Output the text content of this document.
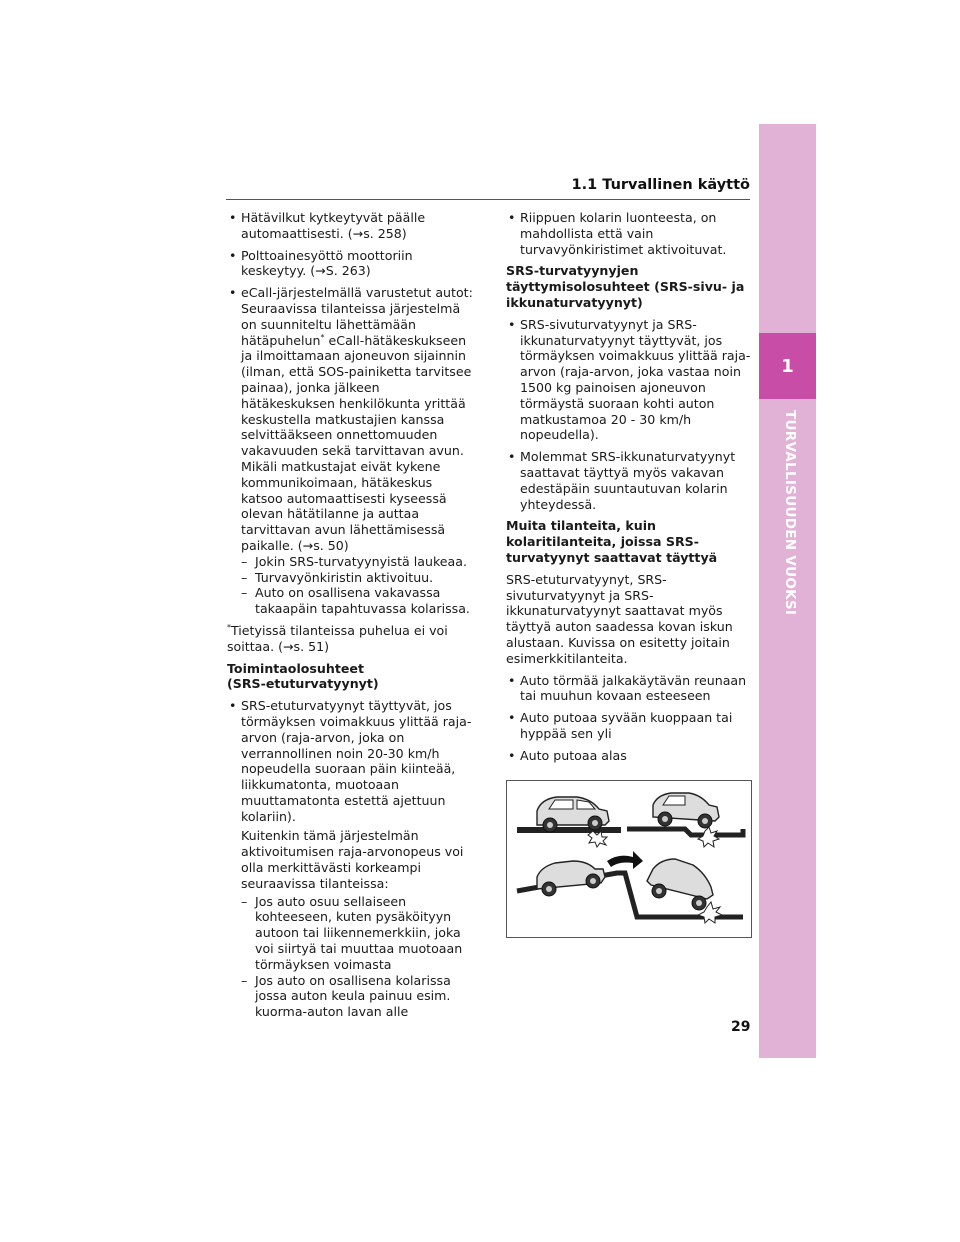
1.1 Turvallinen käyttö

• Hätävilkut kytkeytyvät päälle automaattisesti. (→s. 258)

• Polttoainesyöttö moottoriin keskeytyy. (→S. 263)

• eCall-järjestelmällä varustetut autot: Seuraavissa tilanteissa järjestelmä on suunniteltu lähettämään hätäpuhelun* eCall-hätäkeskukseen ja ilmoittamaan ajoneuvon sijainnin (ilman, että SOS-painiketta tarvitsee painaa), jonka jälkeen hätäkeskuksen henkilökunta yrittää keskustella matkustajien kanssa selvittääkseen onnettomuuden vakavuuden sekä tarvittavan avun. Mikäli matkustajat eivät kykene kommunikoimaan, hätäkeskus katsoo automaattisesti kyseessä olevan hätätilanne ja auttaa tarvittavan avun lähettämisessä paikalle. (→s. 50)

– Jokin SRS-turvatyynyistä laukeaa.
– Turvavyönkiristin aktivoituu.
– Auto on osallisena vakavassa takaapäin tapahtuvassa kolarissa.

*Tietyissä tilanteissa puhelua ei voi soittaa. (→s. 51)

Toimintaolosuhteet
(SRS-etuturvatyynyt)

• SRS-etuturvatyynyt täyttyvät, jos törmäyksen voimakkuus ylittää raja-arvon (raja-arvon, joka on verrannollinen noin 20-30 km/h nopeudella suoraan päin kiinteää, liikkumatonta, muotoaan muuttamatonta estettä ajettuun kolariin).

Kuitenkin tämä järjestelmän aktivoitumisen raja-arvonopeus voi olla merkittävästi korkeampi seuraavissa tilanteissa:

– Jos auto osuu sellaiseen kohteeseen, kuten pysäköityyn autoon tai liikennemerkkiin, joka voi siirtyä tai muuttaa muotoaan törmäyksen voimasta
– Jos auto on osallisena kolarissa jossa auton keula painuu esim. kuorma-auton lavan alle

• Riippuen kolarin luonteesta, on mahdollista että vain turvavyönkiristimet aktivoituvat.

SRS-turvatyynyjen täyttymisolosuhteet (SRS-sivu- ja ikkunaturvatyynyt)

• SRS-sivuturvatyynyt ja SRS-ikkunaturvatyynyt täyttyvät, jos törmäyksen voimakkuus ylittää raja-arvon (raja-arvon, joka vastaa noin 1500 kg painoisen ajoneuvon törmäystä suoraan kohti auton matkustamoa 20 - 30 km/h nopeudella).

• Molemmat SRS-ikkunaturvatyynyt saattavat täyttyä myös vakavan edestäpäin suuntautuvan kolarin yhteydessä.

Muita tilanteita, kuin kolaritilanteita, joissa SRS-turvatyynyt saattavat täyttyä

SRS-etuturvatyynyt, SRS-sivuturvatyynyt ja SRS-ikkunaturvatyynyt saattavat myös täyttyä auton saadessa kovan iskun alustaan. Kuvissa on esitetty joitain esimerkkitilanteita.

• Auto törmää jalkakäytävän reunaan tai muuhun kovaan esteeseen

• Auto putoaa syvään kuoppaan tai hyppää sen yli

• Auto putoaa alas

1
TURVALLISUUDEN VUOKSI
29
